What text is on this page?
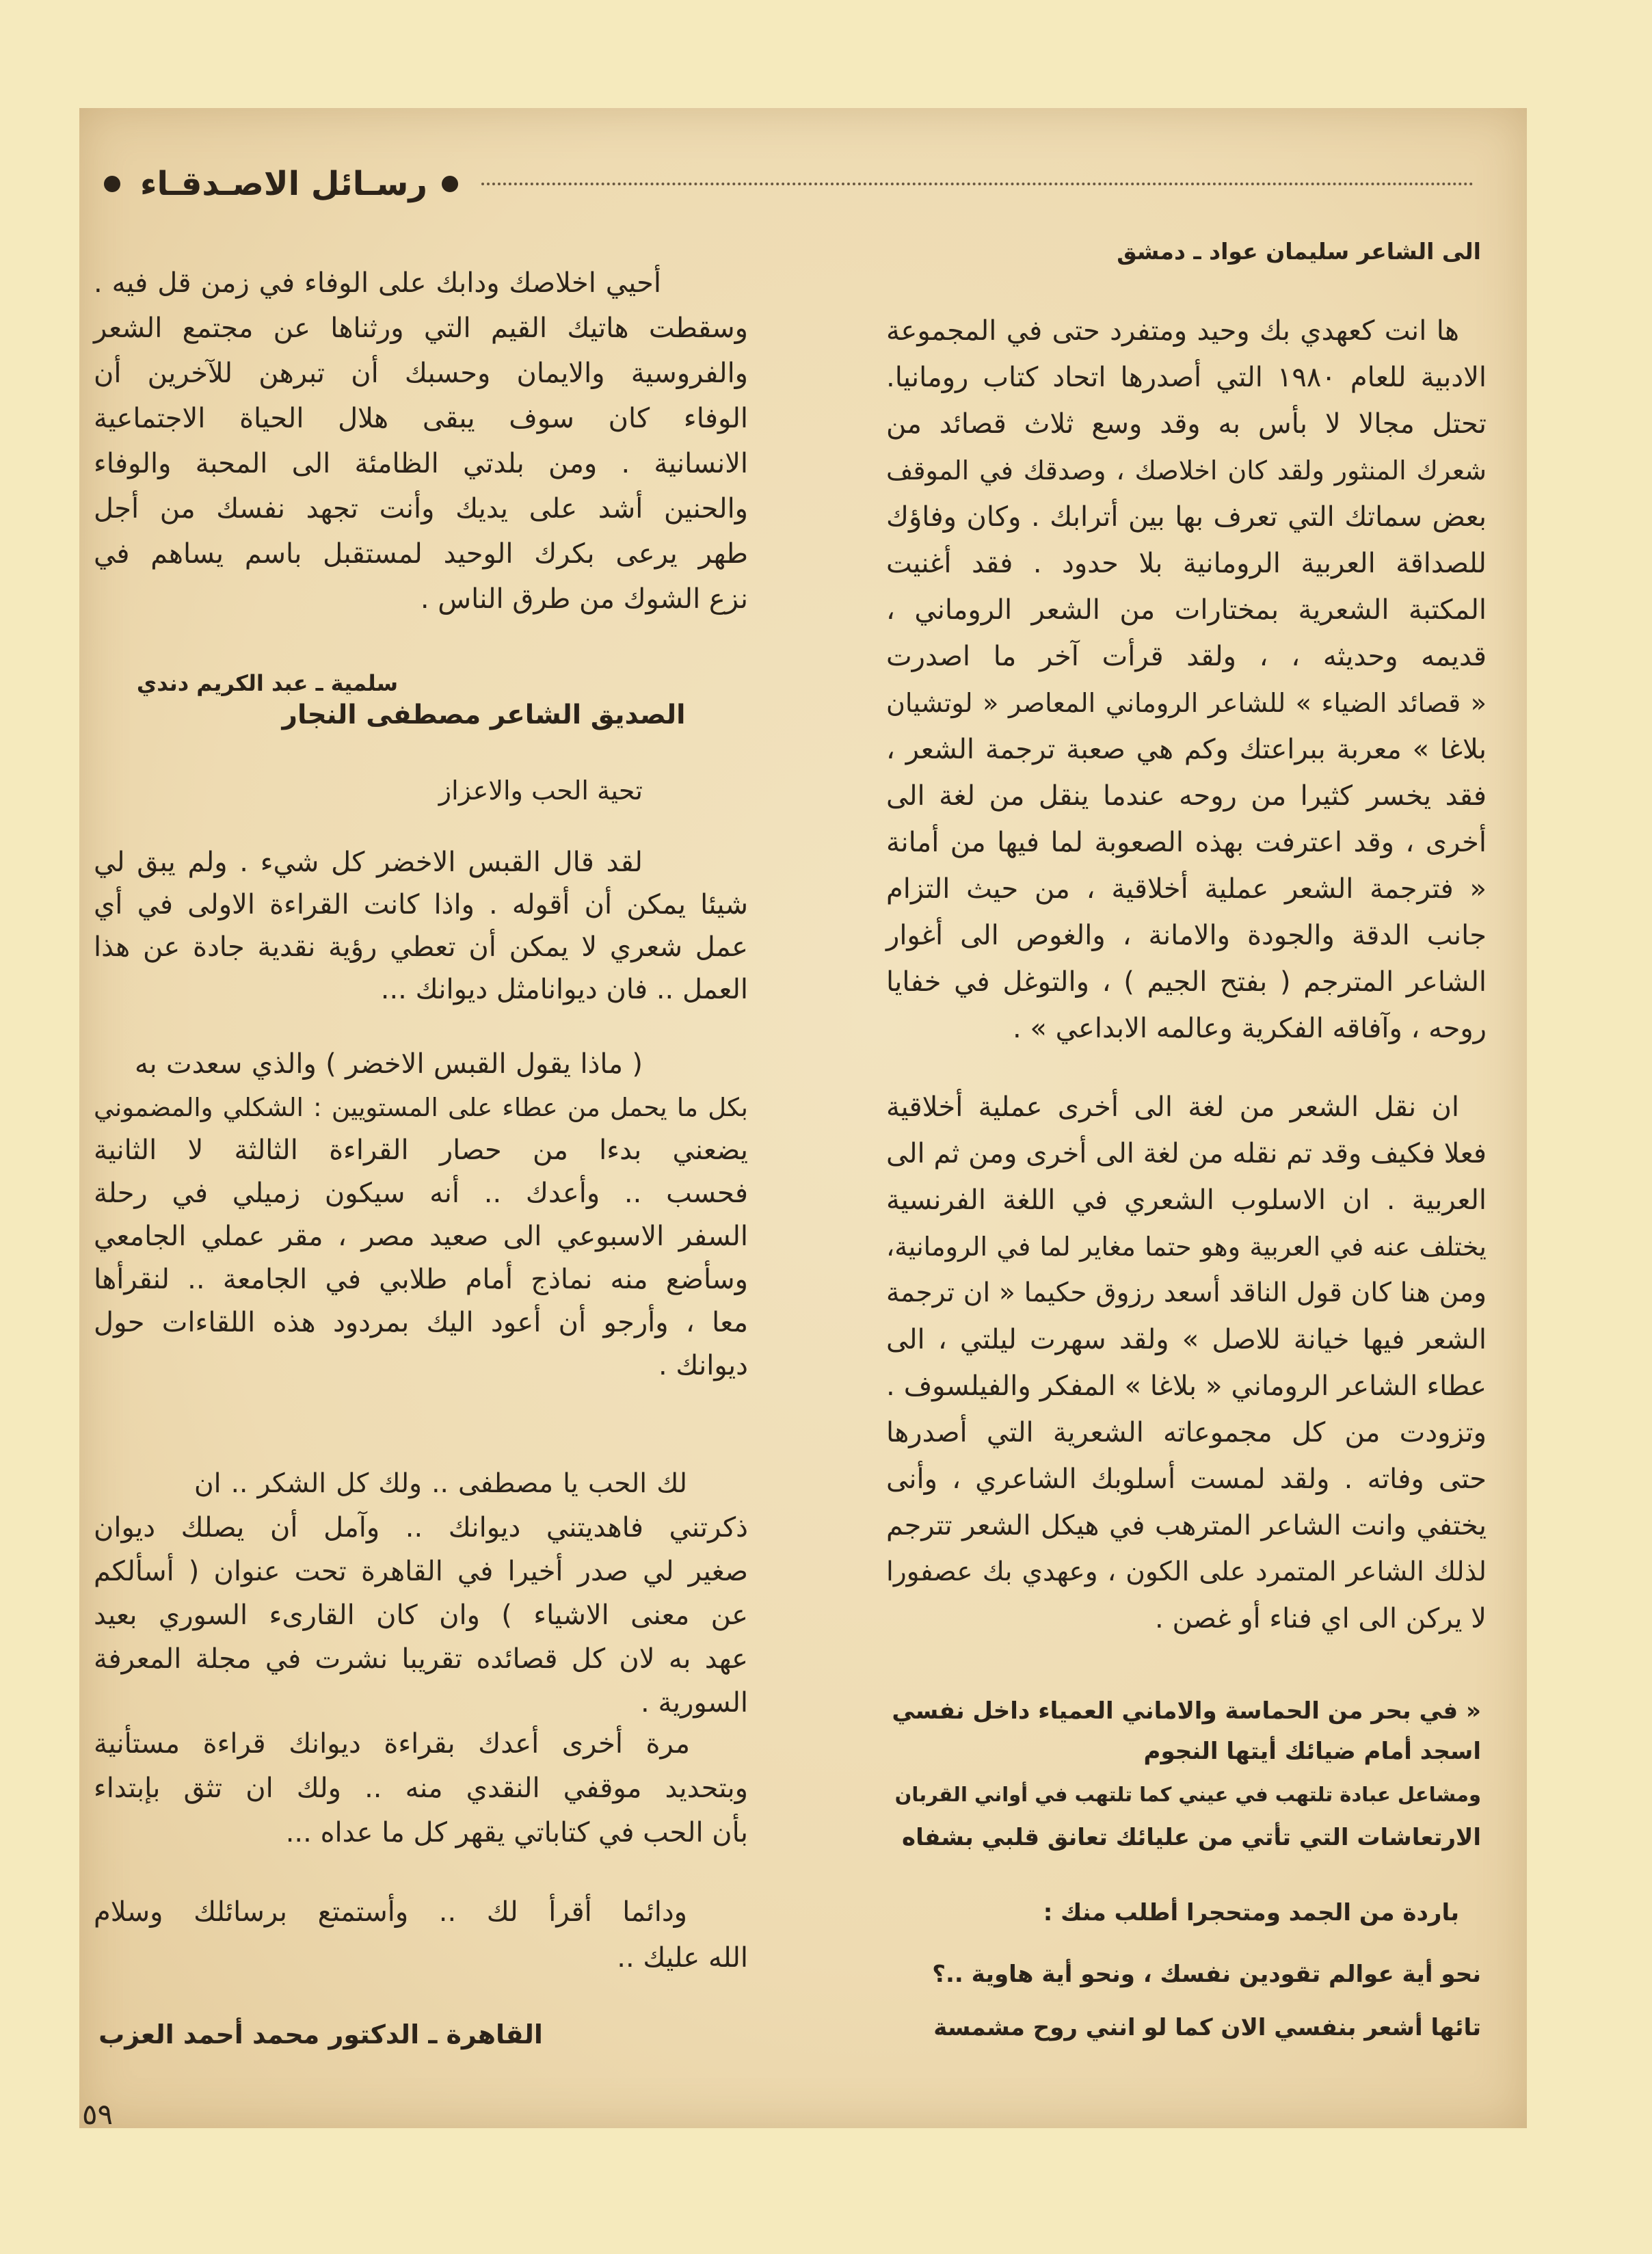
رسـائل الاصـدقـاء
الى الشاعر سليمان عواد ـ دمشق
ها انت كعهدي بك وحيد ومتفرد حتى في المجموعة
الادبية للعام ١٩٨٠ التي أصدرها اتحاد كتاب رومانيا.
تحتل مجالا لا بأس به وقد وسع ثلاث قصائد من
شعرك المنثور ولقد كان اخلاصك ، وصدقك في الموقف
بعض سماتك التي تعرف بها بين أترابك . وكان وفاؤك
للصداقة العربية الرومانية بلا حدود . فقد أغنيت
المكتبة الشعرية بمختارات من الشعر الروماني ،
قديمه وحديثه ، ، ولقد قرأت آخر ما اصدرت
« قصائد الضياء » للشاعر الروماني المعاصر « لوتشيان
بلاغا » معربة ببراعتك وكم هي صعبة ترجمة الشعر ،
فقد يخسر كثيرا من روحه عندما ينقل من لغة الى
أخرى ، وقد اعترفت بهذه الصعوبة لما فيها من أمانة
« فترجمة الشعر عملية أخلاقية ، من حيث التزام
جانب الدقة والجودة والامانة ، والغوص الى أغوار
الشاعر المترجم ( بفتح الجيم ) ، والتوغل في خفايا
روحه ، وآفاقه الفكرية وعالمه الابداعي » .
ان نقل الشعر من لغة الى أخرى عملية أخلاقية
فعلا فكيف وقد تم نقله من لغة الى أخرى ومن ثم الى
العربية . ان الاسلوب الشعري في اللغة الفرنسية
يختلف عنه في العربية وهو حتما مغاير لما في الرومانية،
ومن هنا كان قول الناقد أسعد رزوق حكيما « ان ترجمة
الشعر فيها خيانة للاصل » ولقد سهرت ليلتي ، الى
عطاء الشاعر الروماني « بلاغا » المفكر والفيلسوف .
وتزودت من كل مجموعاته الشعرية التي أصدرها
حتى وفاته . ولقد لمست أسلوبك الشاعري ، وأنى
يختفي وانت الشاعر المترهب في هيكل الشعر تترجم
لذلك الشاعر المتمرد على الكون ، وعهدي بك عصفورا
لا يركن الى اي فناء أو غصن .
« في بحر من الحماسة والاماني العمياء داخل نفسي
اسجد أمام ضيائك أيتها النجوم
ومشاعل عبادة تلتهب في عيني كما تلتهب في أواني القربان
الارتعاشات التي تأتي من عليائك تعانق قلبي بشفاه
باردة من الجمد ومتحجرا أطلب منك :
نحو أية عوالم تقودين نفسك ، ونحو أية هاوية ..؟
تائها أشعر بنفسي الان كما لو انني روح مشمسة
أحيي اخلاصك ودابك على الوفاء في زمن قل فيه .
وسقطت هاتيك القيم التي ورثناها عن مجتمع الشعر
والفروسية والايمان وحسبك أن تبرهن للآخرين أن
الوفاء كان سوف يبقى هلال الحياة الاجتماعية
الانسانية . ومن بلدتي الظامئة الى المحبة والوفاء
والحنين أشد على يديك وأنت تجهد نفسك من أجل
طهر يرعى بكرك الوحيد لمستقبل باسم يساهم في
نزع الشوك من طرق الناس .
سلمية ـ عبد الكريم دندي
الصديق الشاعر مصطفى النجار
تحية الحب والاعزاز
لقد قال القبس الاخضر كل شيء . ولم يبق لي
شيئا يمكن أن أقوله . واذا كانت القراءة الاولى في أي
عمل شعري لا يمكن أن تعطي رؤية نقدية جادة عن هذا
العمل .. فان ديوانامثل ديوانك ...
( ماذا يقول القبس الاخضر ) والذي سعدت به
بكل ما يحمل من عطاء على المستويين : الشكلي والمضموني
يضعني بدءا من حصار القراءة الثالثة لا الثانية
فحسب .. وأعدك .. أنه سيكون زميلي في رحلة
السفر الاسبوعي الى صعيد مصر ، مقر عملي الجامعي
وسأضع منه نماذج أمام طلابي في الجامعة .. لنقرأها
معا ، وأرجو أن أعود اليك بمردود هذه اللقاءات حول
ديوانك .
لك الحب يا مصطفى .. ولك كل الشكر .. ان
ذكرتني فاهديتني ديوانك .. وآمل أن يصلك ديوان
صغير لي صدر أخيرا في القاهرة تحت عنوان ( أسألكم
عن معنى الاشياء ) وان كان القارىء السوري بعيد
عهد به لان كل قصائده تقريبا نشرت في مجلة المعرفة
السورية .
مرة أخرى أعدك بقراءة ديوانك قراءة مستأنية
وبتحديد موقفي النقدي منه .. ولك ان تثق بإبتداء
بأن الحب في كتاباتي يقهر كل ما عداه ...
ودائما أقرأ لك .. وأستمتع برسائلك وسلام
الله عليك ..
القاهرة ـ الدكتور محمد أحمد العزب
٥٩
